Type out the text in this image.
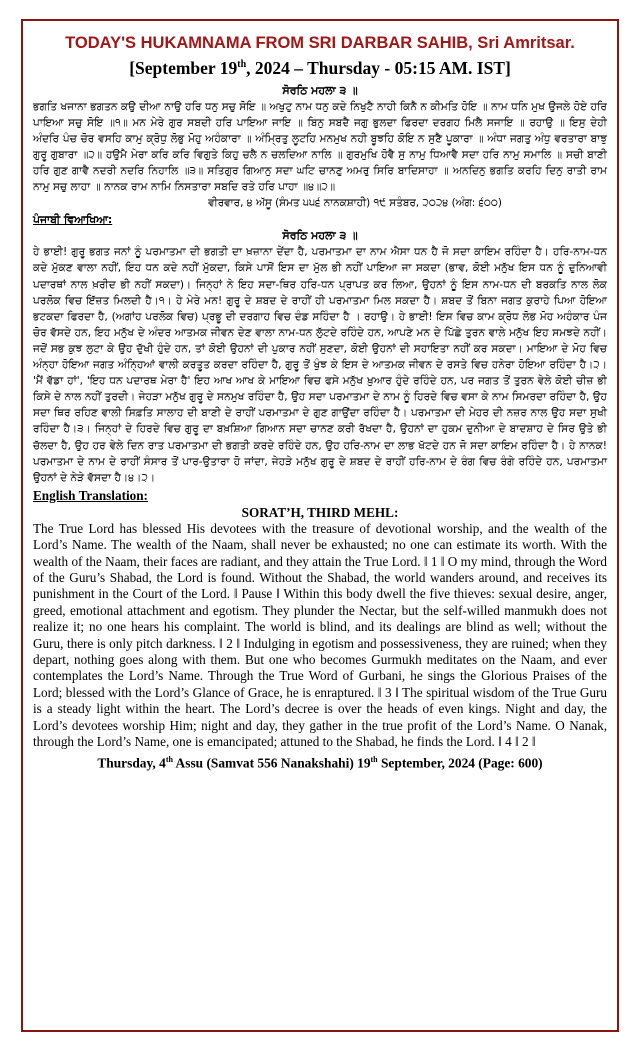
TODAY'S HUKAMNAMA FROM SRI DARBAR SAHIB, Sri Amritsar.
[September 19th, 2024 – Thursday - 05:15 AM. IST]
ਸੋਰਠਿ ਮਹਲਾ ੩ ॥

ਭਗਤਿ ਖਜਾਨਾ ਭਗਤਨ ਕਉ ਦੀਆ ਨਾਉ ਹਰਿ ਧਨੁ ਸਚੁ ਸੋਇ ॥ ਅਖੁਟੁ ਨਾਮ ਧਨੁ ਕਦੇ ਨਿਖੁਟੈ ਨਾਹੀ ਕਿਨੈ ਨ ਕੀਮਤਿ ਹੋਇ ॥ ਨਾਮ ਧਨਿ ਮੁਖ ਉਜਲੇ ਹੋਏ ਹਰਿ ਪਾਇਆ ਸਚੁ ਸੋਇ ॥੧॥ ਮਨ ਮੇਰੇ ਗੁਰ ਸਬਦੀ ਹਰਿ ਪਾਇਆ ਜਾਇ ॥ ਬਿਨੁ ਸਬਦੈ ਜਗੁ ਭੁਲਦਾ ਫਿਰਦਾ ਦਰਗਹ ਮਿਲੈ ਸਜਾਇ ॥ ਰਹਾਉ ॥ ਇਸੁ ਦੇਹੀ ਅੰਦਰਿ ਪੰਚ ਚੋਰ ਵਸਹਿ ਕਾਮੁ ਕ੍ਰੋਧੁ ਲੋਭੁ ਮੋਹੁ ਅਹੰਕਾਰਾ ॥ ਅੰਮ੍ਰਿਤੁ ਲੂਟਹਿ ਮਨਮੁਖ ਨਹੀ ਬੂਝਹਿ ਕੋਇ ਨ ਸੁਣੈ ਪੂਕਾਰਾ ॥ ਅੰਧਾ ਜਗਤੁ ਅੰਧੁ ਵਰਤਾਰਾ ਬਾਝੁ ਗੁਰੂ ਗੁਬਾਰਾ ॥੨॥ ਹਉਮੈ ਮੇਰਾ ਕਰਿ ਕਰਿ ਵਿਗੁਤੇ ਕਿਹੁ ਚਲੈ ਨ ਚਲਦਿਆ ਨਾਲਿ ॥ ਗੁਰਮੁਖਿ ਹੋਵੈ ਸੁ ਨਾਮੁ ਧਿਆਵੈ ਸਦਾ ਹਰਿ ਨਾਮੁ ਸਮਾਲਿ ॥ ਸਚੀ ਬਾਣੀ ਹਰਿ ਗੁਣ ਗਾਵੈ ਨਦਰੀ ਨਦਰਿ ਨਿਹਾਲਿ ॥੩॥ ਸਤਿਗੁਰ ਗਿਆਨੁ ਸਦਾ ਘਟਿ ਚਾਨਣੁ ਅਮਰੁ ਸਿਰਿ ਬਾਦਿਸਾਹਾ ॥ ਅਨਦਿਨੁ ਭਗਤਿ ਕਰਹਿ ਦਿਨੁ ਰਾਤੀ ਰਾਮ ਨਾਮੁ ਸਚੁ ਲਾਹਾ ॥ ਨਾਨਕ ਰਾਮ ਨਾਮਿ ਨਿਸਤਾਰਾ ਸਬਦਿ ਰਤੇ ਹਰਿ ਪਾਹਾ ॥੪॥੨॥

ਵੀਰਵਾਰ, ੪ ਅੱਸੂ (ਸੰਮਤ ੫੫੬ ਨਾਨਕਸ਼ਾਹੀ) ੧੯ ਸਤੰਬਰ, ੨੦੨੪ (ਅੰਗ: ੬੦੦)
ਪੰਜਾਬੀ ਵਿਆਖਿਆ:
ਸੋਰਠਿ ਮਹਲਾ ੩ ॥

ਹੇ ਭਾਈ! ਗੁਰੂ ਭਗਤ ਜਨਾਂ ਨੂੰ ਪਰਮਾਤਮਾ ਦੀ ਭਗਤੀ ਦਾ ਖ਼ਜ਼ਾਨਾ ਦੇਂਦਾ ਹੈ, ਪਰਮਾਤਮਾ ਦਾ ਨਾਮ ਐਸਾ ਧਨ ਹੈ ਜੋ ਸਦਾ ਕਾਇਮ ਰਹਿੰਦਾ ਹੈ। ਹਰਿ-ਨਾਮ-ਧਨ ਕਦੇ ਮੁੱਕਣ ਵਾਲਾ ਨਹੀਂ, ਇਹ ਧਨ ਕਦੇ ਨਹੀਂ ਮੁੱਕਦਾ, ਕਿਸੇ ਪਾਸੋਂ ਇਸ ਦਾ ਮੁੱਲ ਭੀ ਨਹੀਂ ਪਾਇਆ ਜਾ ਸਕਦਾ (ਭਾਵ, ਕੋਈ ਮਨੁੱਖ ਇਸ ਧਨ ਨੂੰ ਦੁਨਿਆਵੀ ਪਦਾਰਥਾਂ ਨਾਲ ਖ਼ਰੀਦ ਭੀ ਨਹੀਂ ਸਕਦਾ)। ਜਿਨ੍ਹਾਂ ਨੇ ਇਹ ਸਦਾ-ਥਿਰ ਹਰਿ-ਧਨ ਪ੍ਰਾਪਤ ਕਰ ਲਿਆ, ਉਹਨਾਂ ਨੂੰ ਇਸ ਨਾਮ-ਧਨ ਦੀ ਬਰਕਤਿ ਨਾਲ ਲੋਕ ਪਰਲੋਕ ਵਿਚ ਇੱਜ਼ਤ ਮਿਲਦੀ ਹੈ।੧। ਹੇ ਮੇਰੇ ਮਨ! ਗੁਰੂ ਦੇ ਸ਼ਬਦ ਦੇ ਰਾਹੀਂ ਹੀ ਪਰਮਾਤਮਾ ਮਿਲ ਸਕਦਾ ਹੈ। ਸ਼ਬਦ ਤੋਂ ਬਿਨਾ ਜਗਤ ਕੁਰਾਹੇ ਪਿਆ ਹੋਇਆ ਭਟਕਦਾ ਫਿਰਦਾ ਹੈ, (ਅਗਾਂਹ ਪਰਲੋਕ ਵਿਚ) ਪ੍ਰਭੂ ਦੀ ਦਰਗਾਹ ਵਿਚ ਦੰਡ ਸਹਿੰਦਾ ਹੈ । ਰਹਾਉ। ਹੇ ਭਾਈ! ਇਸ ਵਿਚ ਕਾਮ ਕ੍ਰੋਧ ਲੋਭ ਮੋਹ ਅਹੰਕਾਰ ਪੰਜ ਚੋਰ ਵੱਸਦੇ ਹਨ, ਇਹ ਮਨੁੱਖ ਦੇ ਅੰਦਰ ਆਤਮਕ ਜੀਵਨ ਦੇਣ ਵਾਲਾ ਨਾਮ-ਧਨ ਲੁੱਟਦੇ ਰਹਿੰਦੇ ਹਨ, ਆਪਣੇ ਮਨ ਦੇ ਪਿੱਛੇ ਤੁਰਨ ਵਾਲੇ ਮਨੁੱਖ ਇਹ ਸਮਝਦੇ ਨਹੀਂ। ਜਦੋਂ ਸਭ ਕੁਝ ਲੁਟਾ ਕੇ ਉਹ ਦੁੱਖੀ ਹੁੰਦੇ ਹਨ, ਤਾਂ ਕੋਈ ਉਹਨਾਂ ਦੀ ਪੁਕਾਰ ਨਹੀਂ ਸੁਣਦਾ, ਕੋਈ ਉਹਨਾਂ ਦੀ ਸਹਾਇਤਾ ਨਹੀਂ ਕਰ ਸਕਦਾ। ਮਾਇਆ ਦੇ ਮੋਹ ਵਿਚ ਅੰਨ੍ਹਾ ਹੋਇਆ ਜਗਤ ਅੰਨ੍ਹਿਆਂ ਵਾਲੀ ਕਰਤੂਤ ਕਰਦਾ ਰਹਿੰਦਾ ਹੈ, ਗੁਰੂ ਤੋਂ ਖੁੰਝ ਕੇ ਇਸ ਦੇ ਆਤਮਕ ਜੀਵਨ ਦੇ ਰਸਤੇ ਵਿਚ ਹਨੇਰਾ ਹੋਇਆ ਰਹਿੰਦਾ ਹੈ।੨। 'ਮੈਂ ਵੱਡਾ ਹਾਂ', 'ਇਹ ਧਨ ਪਦਾਰਥ ਮੇਰਾ ਹੈ' ਇਹ ਆਖ ਆਖ ਕੇ ਮਾਇਆ ਵਿਚ ਫਸੇ ਮਨੁੱਖ ਖ਼ੁਆਰ ਹੁੰਦੇ ਰਹਿੰਦੇ ਹਨ, ਪਰ ਜਗਤ ਤੋਂ ਤੁਰਨ ਵੇਲੇ ਕੋਈ ਚੀਜ਼ ਭੀ ਕਿਸੇ ਦੇ ਨਾਲ ਨਹੀਂ ਤੁਰਦੀ। ਜੇਹੜਾ ਮਨੁੱਖ ਗੁਰੂ ਦੇ ਸਨਮੁਖ ਰਹਿੰਦਾ ਹੈ, ਉਹ ਸਦਾ ਪਰਮਾਤਮਾ ਦੇ ਨਾਮ ਨੂੰ ਹਿਰਦੇ ਵਿਚ ਵਸਾ ਕੇ ਨਾਮ ਸਿਮਰਦਾ ਰਹਿੰਦਾ ਹੈ, ਉਹ ਸਦਾ ਥਿਰ ਰਹਿਣ ਵਾਲੀ ਸਿਫ਼ਤਿ ਸਾਲਾਹ ਦੀ ਬਾਣੀ ਦੇ ਰਾਹੀਂ ਪਰਮਾਤਮਾ ਦੇ ਗੁਣ ਗਾਉਂਦਾ ਰਹਿੰਦਾ ਹੈ। ਪਰਮਾਤਮਾ ਦੀ ਮੇਹਰ ਦੀ ਨਜ਼ਰ ਨਾਲ ਉਹ ਸਦਾ ਸੁਖੀ ਰਹਿੰਦਾ ਹੈ।੩। ਜਿਨ੍ਹਾਂ ਦੇ ਹਿਰਦੇ ਵਿਚ ਗੁਰੂ ਦਾ ਬਖ਼ਸ਼ਿਆ ਗਿਆਨ ਸਦਾ ਚਾਨਣ ਕਰੀ ਰੱਖਦਾ ਹੈ, ਉਹਨਾਂ ਦਾ ਹੁਕਮ ਦੁਨੀਆ ਦੇ ਬਾਦਸ਼ਾਹ ਦੇ ਸਿਰ ਉਤੇ ਭੀ ਚੱਲਦਾ ਹੈ, ਉਹ ਹਰ ਵੇਲੇ ਦਿਨ ਰਾਤ ਪਰਮਾਤਮਾ ਦੀ ਭਗਤੀ ਕਰਦੇ ਰਹਿੰਦੇ ਹਨ, ਉਹ ਹਰਿ-ਨਾਮ ਦਾ ਲਾਭ ਖੱਟਦੇ ਹਨ ਜੋ ਸਦਾ ਕਾਇਮ ਰਹਿੰਦਾ ਹੈ। ਹੇ ਨਾਨਕ! ਪਰਮਾਤਮਾ ਦੇ ਨਾਮ ਦੇ ਰਾਹੀਂ ਸੰਸਾਰ ਤੋਂ ਪਾਰ-ਉਤਾਰਾ ਹੋ ਜਾਂਦਾ, ਜੇਹੜੇ ਮਨੁੱਖ ਗੁਰੂ ਦੇ ਸ਼ਬਦ ਦੇ ਰਾਹੀਂ ਹਰਿ-ਨਾਮ ਦੇ ਰੰਗ ਵਿਚ ਰੰਗੇ ਰਹਿੰਦੇ ਹਨ, ਪਰਮਾਤਮਾ ਉਹਨਾਂ ਦੇ ਨੇੜੇ ਵੱਸਦਾ ਹੈ।੪।੨।

English Translation:
SORAT’H, THIRD MEHL:

The True Lord has blessed His devotees with the treasure of devotional worship, and the wealth of the Lord’s Name. The wealth of the Naam, shall never be exhausted; no one can estimate its worth. With the wealth of the Naam, their faces are radiant, and they attain the True Lord. ‖ 1 ‖ O my mind, through the Word of the Guru’s Shabad, the Lord is found. Without the Shabad, the world wanders around, and receives its punishment in the Court of the Lord. ‖ Pause ‖ Within this body dwell the five thieves: sexual desire, anger, greed, emotional attachment and egotism. They plunder the Nectar, but the self-willed manmukh does not realize it; no one hears his complaint. The world is blind, and its dealings are blind as well; without the Guru, there is only pitch darkness. ‖ 2 ‖ Indulging in egotism and possessiveness, they are ruined; when they depart, nothing goes along with them. But one who becomes Gurmukh meditates on the Naam, and ever contemplates the Lord’s Name. Through the True Word of Gurbani, he sings the Glorious Praises of the Lord; blessed with the Lord’s Glance of Grace, he is enraptured. ‖ 3 ‖ The spiritual wisdom of the True Guru is a steady light within the heart. The Lord’s decree is over the heads of even kings. Night and day, the Lord’s devotees worship Him; night and day, they gather in the true profit of the Lord’s Name. O Nanak, through the Lord’s Name, one is emancipated; attuned to the Shabad, he finds the Lord. ‖ 4 ‖ 2 ‖

Thursday, 4th Assu (Samvat 556 Nanakshahi) 19th September, 2024 (Page: 600)
